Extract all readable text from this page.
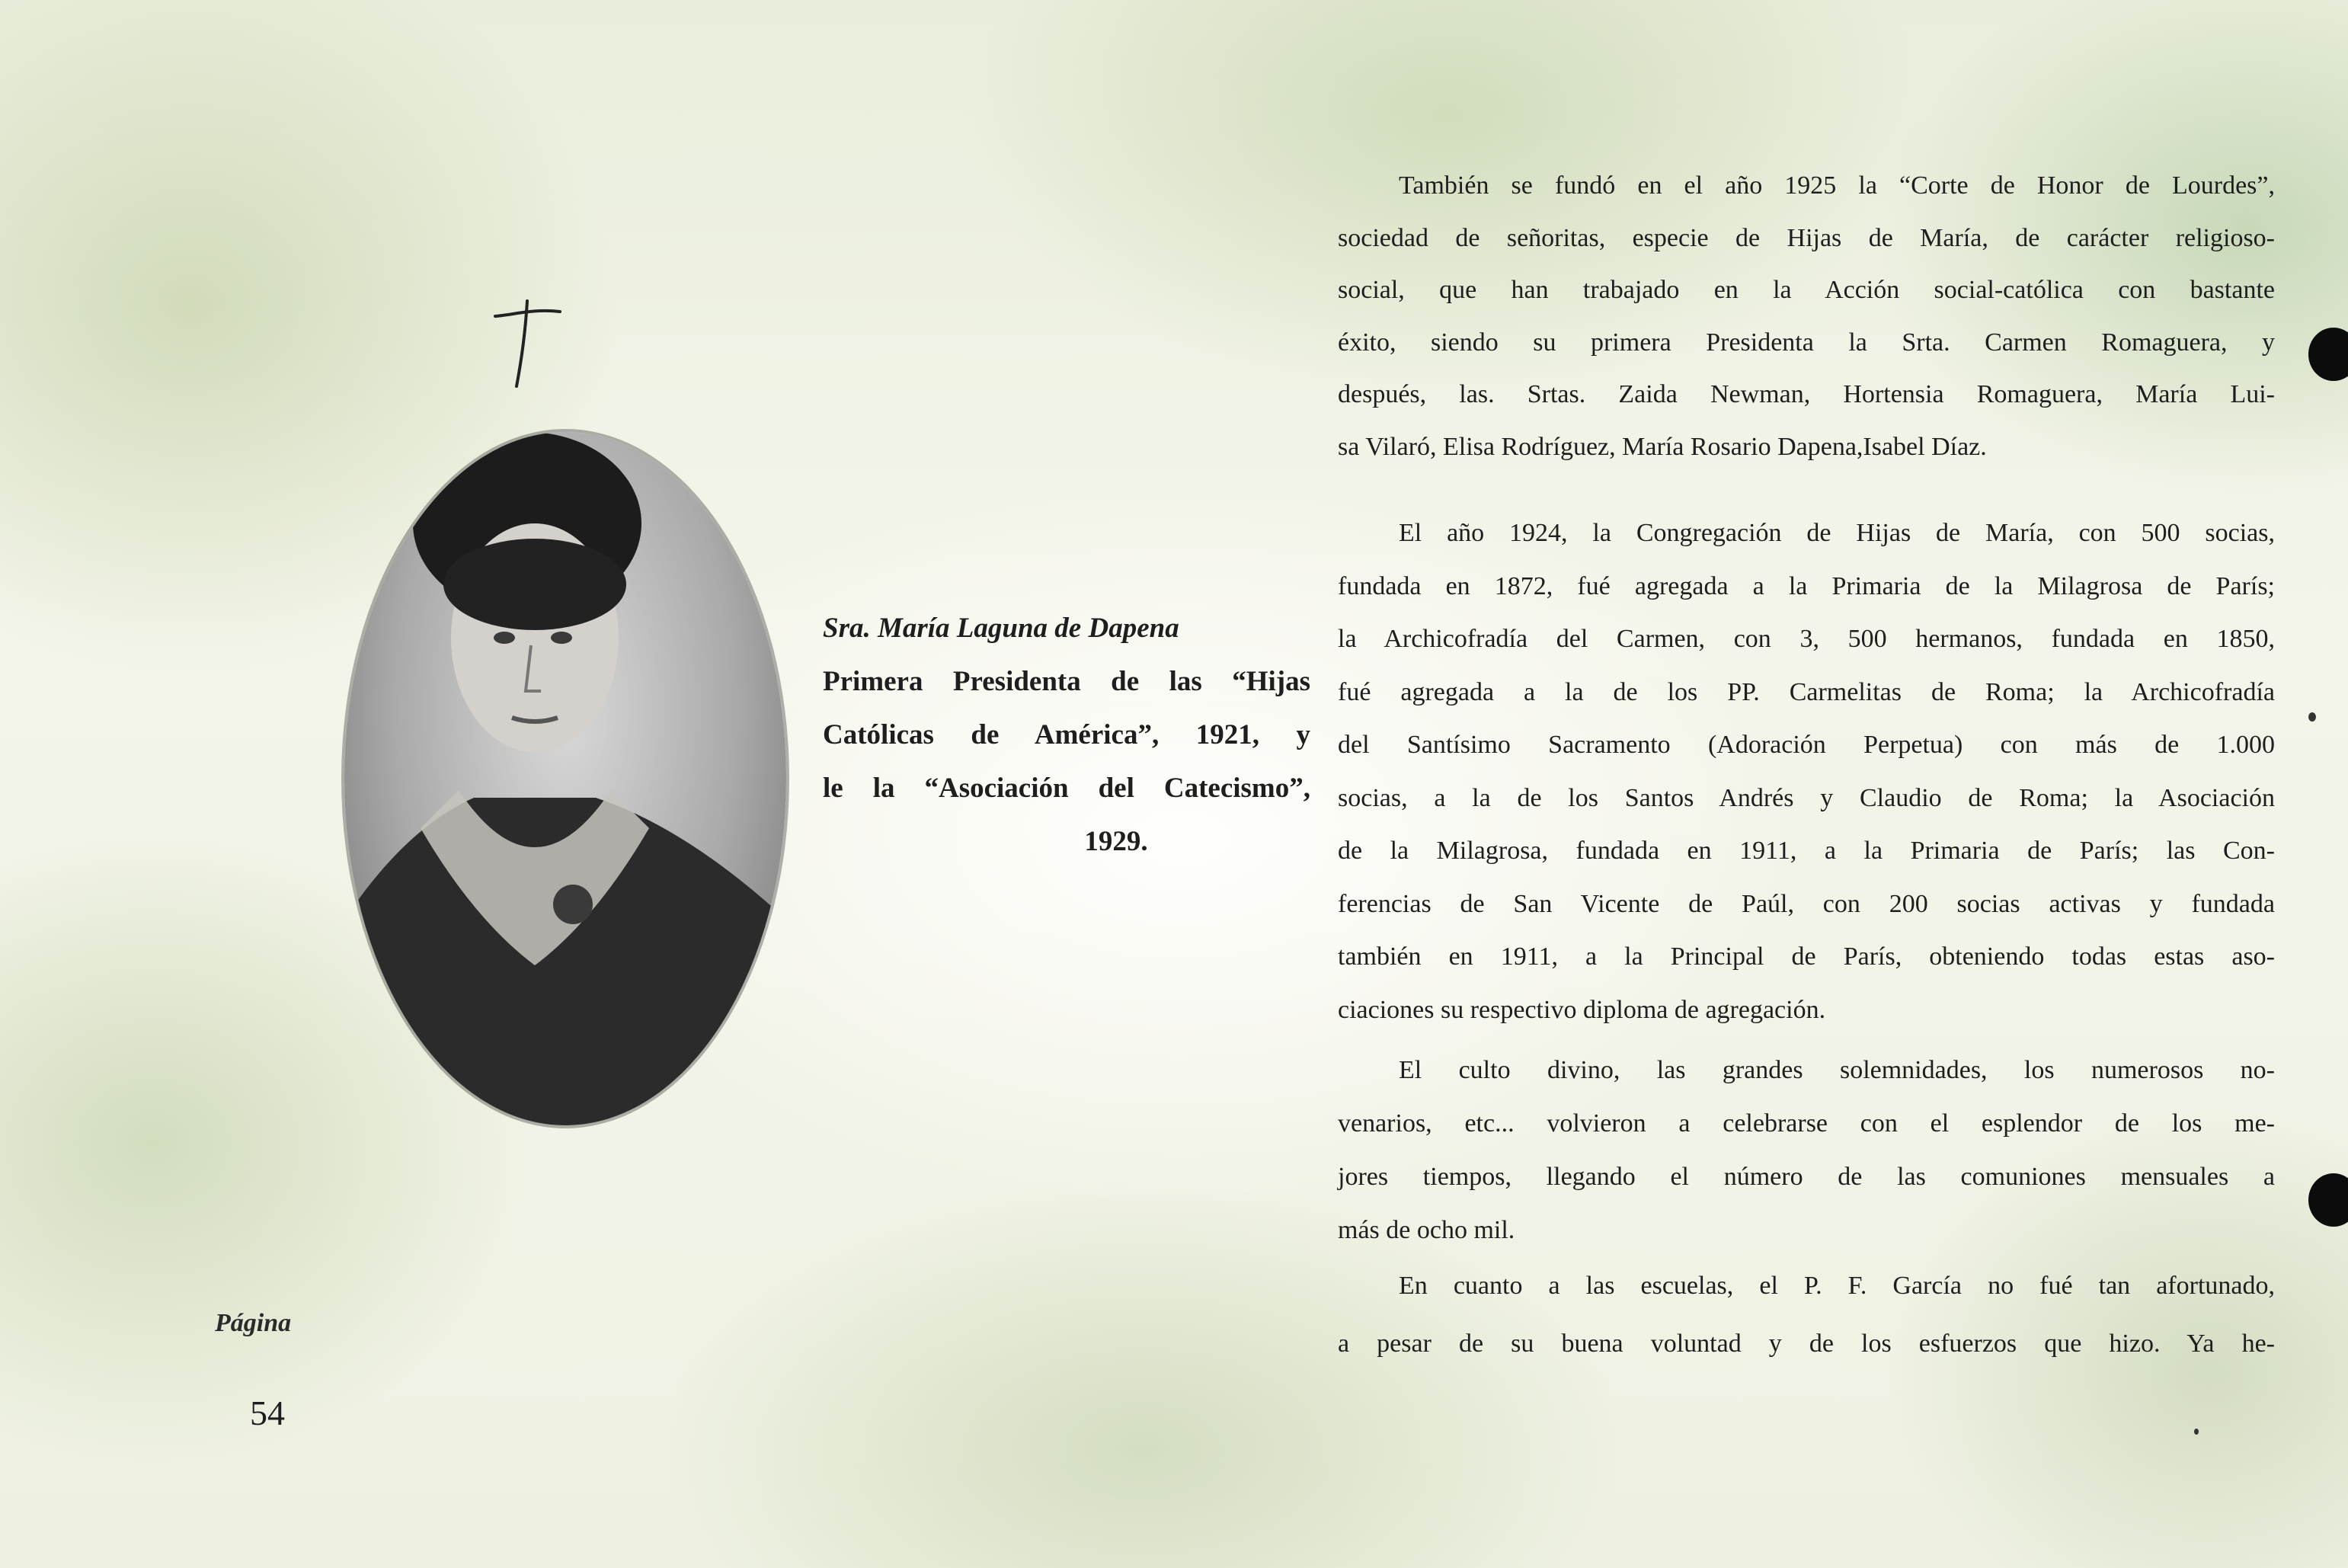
Sra. María Laguna de Dapena
Primera Presidenta de las “Hijas
Católicas de América”, 1921, y
le la “Asociación del Catecismo”,
1929.
También se fundó en el año 1925 la “Corte de Honor de Lourdes”,
sociedad de señoritas, especie de Hijas de María, de carácter religioso-
social, que han trabajado en la Acción social-católica con bastante
éxito, siendo su primera Presidenta la Srta. Carmen Romaguera, y
después, las. Srtas. Zaida Newman, Hortensia Romaguera, María Lui-
sa Vilaró, Elisa Rodríguez, María Rosario Dapena,Isabel Díaz.
El año 1924, la Congregación de Hijas de María, con 500 socias,
fundada en 1872, fué agregada a la Primaria de la Milagrosa de París;
la Archicofradía del Carmen, con 3, 500 hermanos, fundada en 1850,
fué agregada a la de los PP. Carmelitas de Roma; la Archicofradía
del Santísimo Sacramento (Adoración Perpetua) con más de 1.000
socias, a la de los Santos Andrés y Claudio de Roma; la Asociación
de la Milagrosa, fundada en 1911, a la Primaria de París; las Con-
ferencias de San Vicente de Paúl, con 200 socias activas y fundada
también en 1911, a la Principal de París, obteniendo todas estas aso-
ciaciones su respectivo diploma de agregación.
El culto divino, las grandes solemnidades, los numerosos no-
venarios, etc... volvieron a celebrarse con el esplendor de los me-
jores tiempos, llegando el número de las comuniones mensuales a
más de ocho mil.
En cuanto a las escuelas, el P. F. García no fué tan afortunado,
a pesar de su buena voluntad y de los esfuerzos que hizo. Ya he-
Página
54
